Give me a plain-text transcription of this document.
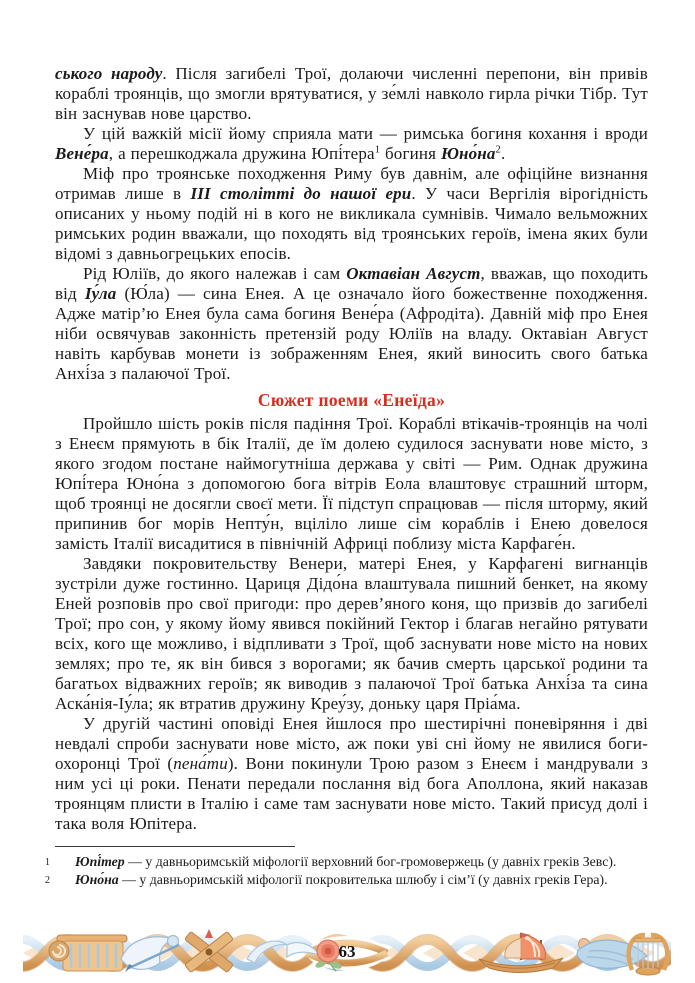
ського народу. Після загибелі Трої, долаючи численні перепони, він привів кораблі троянців, що змогли врятуватися, у зе́млі навколо гирла річки Тібр. Тут він заснував нове царство.

У цій важкій місії йому сприяла мати — римська богиня кохання і вроди Вене́ра, а перешкоджала дружина Юпі́тера$^1$ богиня $Юно́на^2$.

Міф про троянське походження Риму був давнім, але офіційне визнання отримав лише в III столітті до нашої ери. У часи Вергілія вірогідність описаних у ньому подій ні в кого не викликала сумнівів. Чимало вельможних римських родин вважали, що походять від троянських героїв, імена яких були відомі з давньогрецьких епосів.

Рід Юліїв, до якого належав і сам Октавіан Август, вважав, що походить від Іу́ла (Ю́ла) — сина Енея. А це означало його божественне походження. Адже матір’ю Енея була сама богиня Вене́ра (Афродіта). Давній міф про Енея ніби освячував законність претензій роду Юліїв на владу. Октавіан Август навіть карбував монети із зображенням Енея, який виносить свого батька Анхі́за з палаючої Трої.

Сюжет поеми «Енеїда»

Пройшло шість років після падіння Трої. Кораблі втікачів-троянців на чолі з Енеєм прямують в бік Італії, де їм долею судилося заснувати нове місто, з якого згодом постане наймогутніша держава у світі — Рим. Однак дружина Юпі́тера Юно́на з допомогою бога вітрів Еола влаштовує страшний шторм, щоб троянці не досягли своєї мети. Її підступ спрацював — після шторму, який припинив бог морів Непту́н, вціліло лише сім кораблів і Енею довелося замість Італії висадитися в північній Африці поблизу міста Карфаге́н.

Завдяки покровительству Венери, матері Енея, у Карфагені вигнанців зустріли дуже гостинно. Цариця Дідо́на влаштувала пишний бенкет, на якому Еней розповів про свої пригоди: про дерев’яного коня, що призвів до загибелі Трої; про сон, у якому йому явився покійний Гектор і благав негайно рятувати всіх, кого ще можливо, і відпливати з Трої, щоб заснувати нове місто на нових землях; про те, як він бився з ворогами; як бачив смерть царської родини та багатьох відважних героїв; як виводив з палаючої Трої батька Анхі́за та сина Аска́нія-Іу́ла; як втратив дружину Креу́зу, доньку царя Пріа́ма.

У другій частині оповіді Енея йшлося про шестирічні поневіряння і дві невдалі спроби заснувати нове місто, аж поки уві сні йому не явилися боги-охоронці Трої (пена́ти). Вони покинули Трою разом з Енеєм і мандрували з ним усі ці роки. Пенати передали послання від бога Аполлона, який наказав троянцям плисти в Італію і саме там заснувати нове місто. Такий присуд долі і така воля Юпітера.

1	Юпі́тер — у давньоримській міфології верховний бог-громовержець (у давніх греків Зевс).
2	Юно́на — у давньоримській міфології покровителька шлюбу і сім’ї (у давніх греків Гера).
63
